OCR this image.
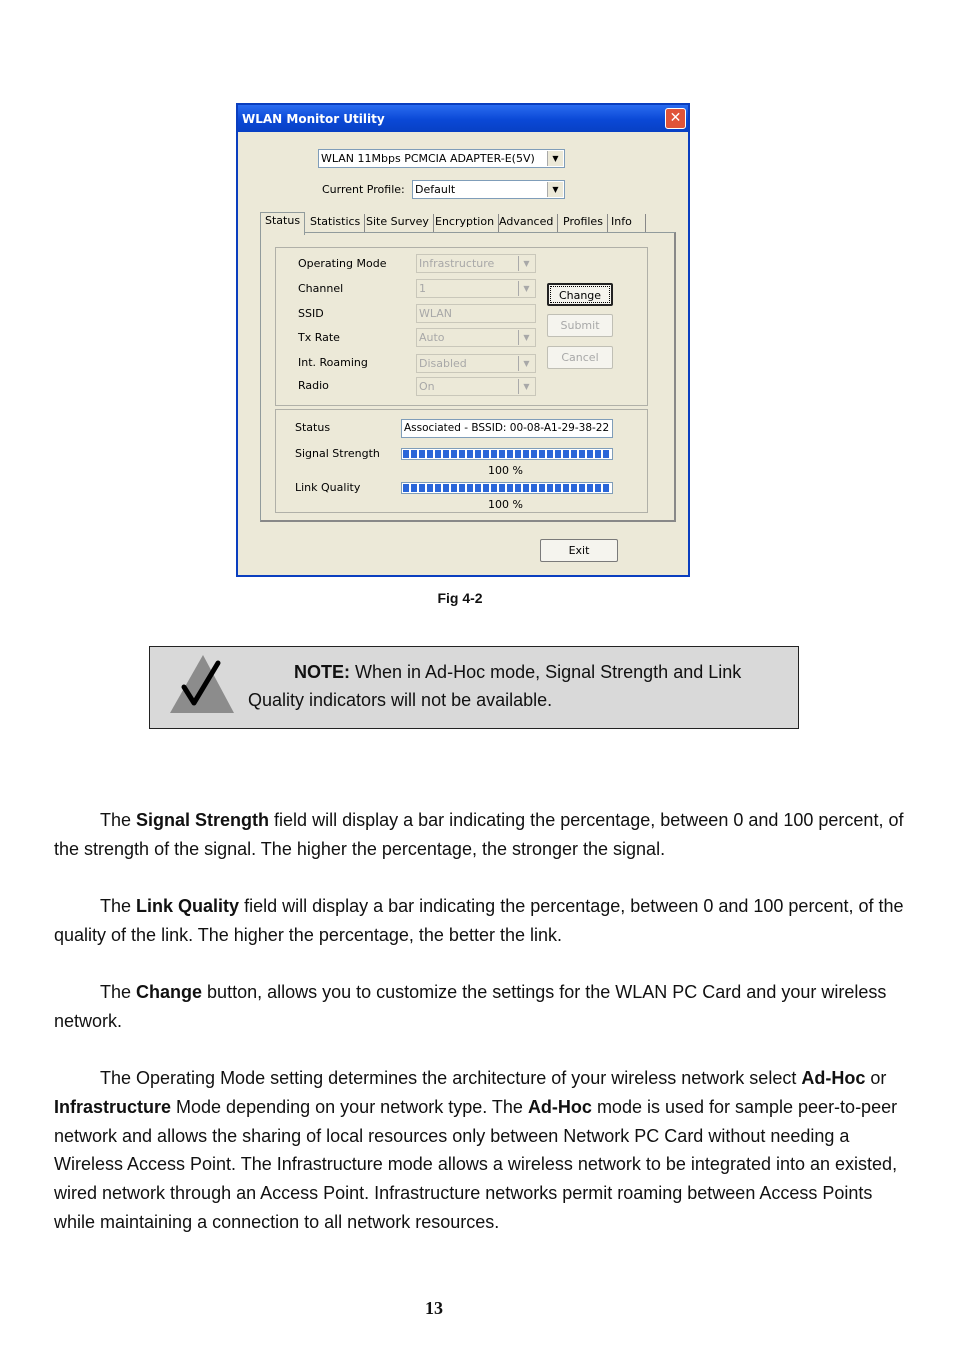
WLAN Monitor Utility	✕
WLAN 11Mbps PCMCIA ADAPTER-E(5V)	▼
Current Profile: Default	▼
Status Statistics Site Survey Encryption Advanced Profiles Info
Operating Mode	Infrastructure	▼
Channel	1	▼
SSID	WLAN
Tx Rate	Auto	▼
Int. Roaming	Disabled	▼
Radio	On	▼
Change
Submit
Cancel
Status	Associated - BSSID: 00-08-A1-29-38-22
Signal Strength
100 %
Link Quality
100 %
Exit
Fig 4-2
NOTE: When in Ad-Hoc mode, Signal Strength and Link Quality indicators will not be available.
The Signal Strength field will display a bar indicating the percentage, between 0 and 100 percent, of the strength of the signal. The higher the percentage, the stronger the signal.
The Link Quality field will display a bar indicating the percentage, between 0 and 100 percent, of the quality of the link. The higher the percentage, the better the link.
The Change button, allows you to customize the settings for the WLAN PC Card and your wireless network.
The Operating Mode setting determines the architecture of your wireless network select Ad-Hoc or Infrastructure Mode depending on your network type. The Ad-Hoc mode is used for sample peer-to-peer network and allows the sharing of local resources only between Network PC Card without needing a Wireless Access Point. The Infrastructure mode allows a wireless network to be integrated into an existed, wired network through an Access Point. Infrastructure networks permit roaming between Access Points while maintaining a connection to all network resources.
13
